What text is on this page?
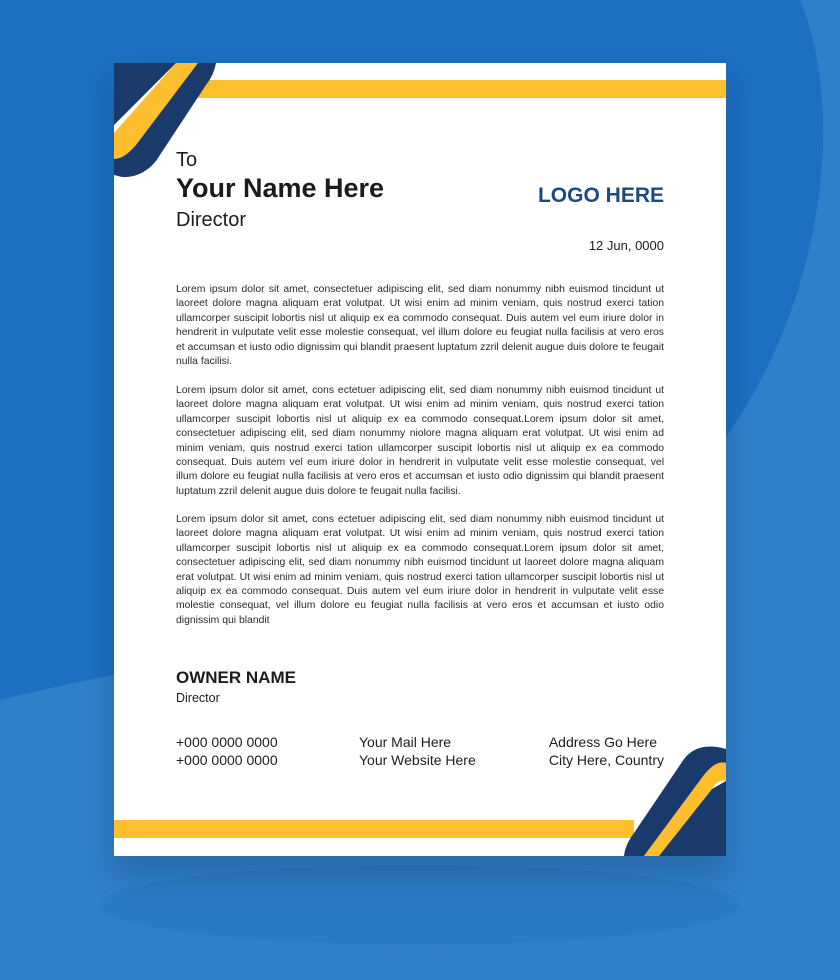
To
Your Name Here
Director
LOGO HERE
12 Jun, 0000

Lorem ipsum dolor sit amet, consectetuer adipiscing elit, sed diam nonummy nibh euismod tincidunt ut laoreet dolore magna aliquam erat volutpat. Ut wisi enim ad minim veniam, quis nostrud exerci tation ullamcorper suscipit lobortis nisl ut aliquip ex ea commodo consequat. Duis autem vel eum iriure dolor in hendrerit in vulputate velit esse molestie consequat, vel illum dolore eu feugiat nulla facilisis at vero eros et accumsan et iusto odio dignissim qui blandit praesent luptatum zzril delenit augue duis dolore te feugait nulla facilisi.

Lorem ipsum dolor sit amet, cons ectetuer adipiscing elit, sed diam nonummy nibh euismod tincidunt ut laoreet dolore magna aliquam erat volutpat. Ut wisi enim ad minim veniam, quis nostrud exerci tation ullamcorper suscipit lobortis nisl ut aliquip ex ea commodo consequat.Lorem ipsum dolor sit amet, consectetuer adipiscing elit, sed diam nonummy niolore magna aliquam erat volutpat. Ut wisi enim ad minim veniam, quis nostrud exerci tation ullamcorper suscipit lobortis nisl ut aliquip ex ea commodo consequat. Duis autem vel eum iriure dolor in hendrerit in vulputate velit esse molestie consequat, vel illum dolore eu feugiat nulla facilisis at vero eros et accumsan et iusto odio dignissim qui blandit praesent luptatum zzril delenit augue duis dolore te feugait nulla facilisi.

Lorem ipsum dolor sit amet, cons ectetuer adipiscing elit, sed diam nonummy nibh euismod tincidunt ut laoreet dolore magna aliquam erat volutpat. Ut wisi enim ad minim veniam, quis nostrud exerci tation ullamcorper suscipit lobortis nisl ut aliquip ex ea commodo consequat.Lorem ipsum dolor sit amet, consectetuer adipiscing elit, sed diam nonummy nibh euismod tincidunt ut laoreet dolore magna aliquam erat volutpat. Ut wisi enim ad minim veniam, quis nostrud exerci tation ullamcorper suscipit lobortis nisl ut aliquip ex ea commodo consequat. Duis autem vel eum iriure dolor in hendrerit in vulputate velit esse molestie consequat, vel illum dolore eu feugiat nulla facilisis at vero eros et accumsan et iusto odio dignissim qui blandit

OWNER NAME
Director
+000 0000 0000
+000 0000 0000
Your Mail Here
Your Website Here
Address Go Here
City Here, Country
